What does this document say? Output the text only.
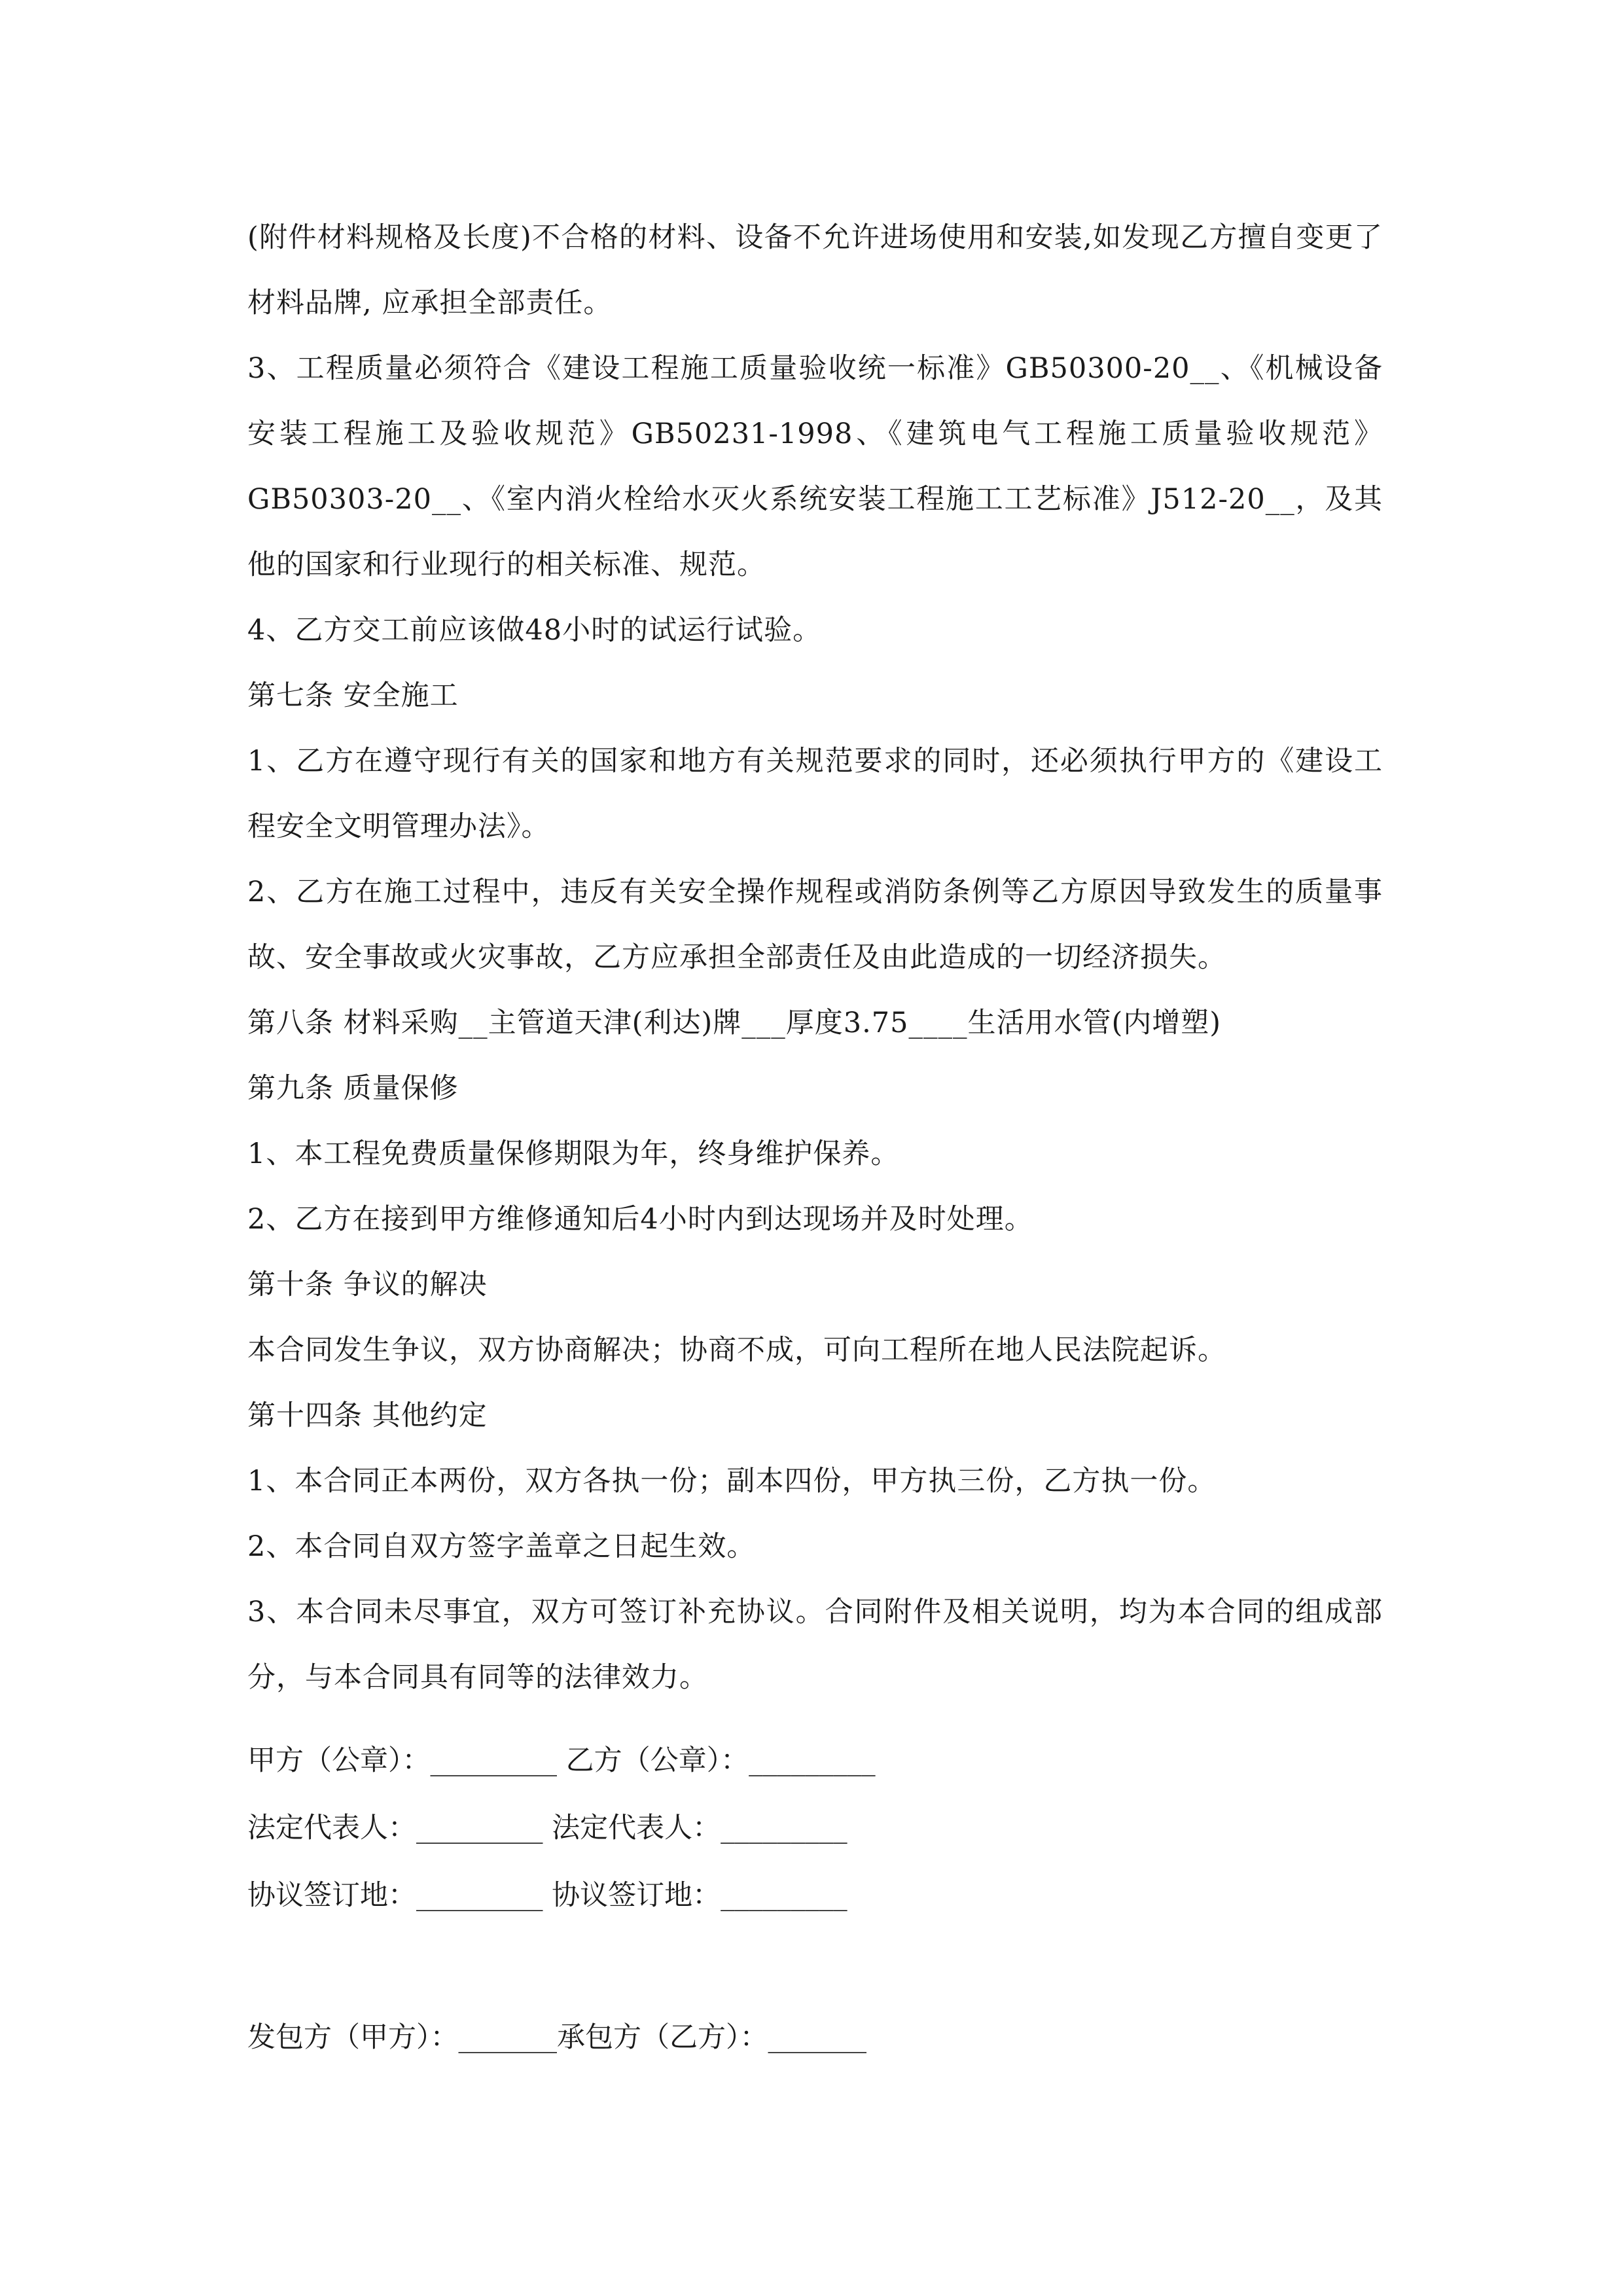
(附件材料规格及长度)不合格的材料、设备不允许进场使用和安装,如发现乙方擅自变更了材料品牌, 应承担全部责任。

3、工程质量必须符合《建设工程施工质量验收统一标准》GB50300-20__、《机械设备安装工程施工及验收规范》GB50231-1998、《建筑电气工程施工质量验收规范》GB50303-20__、《室内消火栓给水灭火系统安装工程施工工艺标准》J512-20__，及其他的国家和行业现行的相关标准、规范。

4、乙方交工前应该做48小时的试运行试验。

第七条 安全施工

1、乙方在遵守现行有关的国家和地方有关规范要求的同时，还必须执行甲方的《建设工程安全文明管理办法》。

2、乙方在施工过程中，违反有关安全操作规程或消防条例等乙方原因导致发生的质量事故、安全事故或火灾事故，乙方应承担全部责任及由此造成的一切经济损失。

第八条 材料采购__主管道天津(利达)牌___厚度3.75____生活用水管(内增塑)

第九条 质量保修

1、本工程免费质量保修期限为年，终身维护保养。

2、乙方在接到甲方维修通知后4小时内到达现场并及时处理。

第十条 争议的解决

本合同发生争议，双方协商解决；协商不成，可向工程所在地人民法院起诉。

第十四条 其他约定

1、本合同正本两份，双方各执一份；副本四份，甲方执三份，乙方执一份。

2、本合同自双方签字盖章之日起生效。

3、本合同未尽事宜，双方可签订补充协议。合同附件及相关说明，均为本合同的组成部分，与本合同具有同等的法律效力。

甲方（公章）：_________ 乙方（公章）：_________
法定代表人：_________ 法定代表人：_________
协议签订地：_________ 协议签订地：_________
发包方（甲方）：_______承包方（乙方）：_______
